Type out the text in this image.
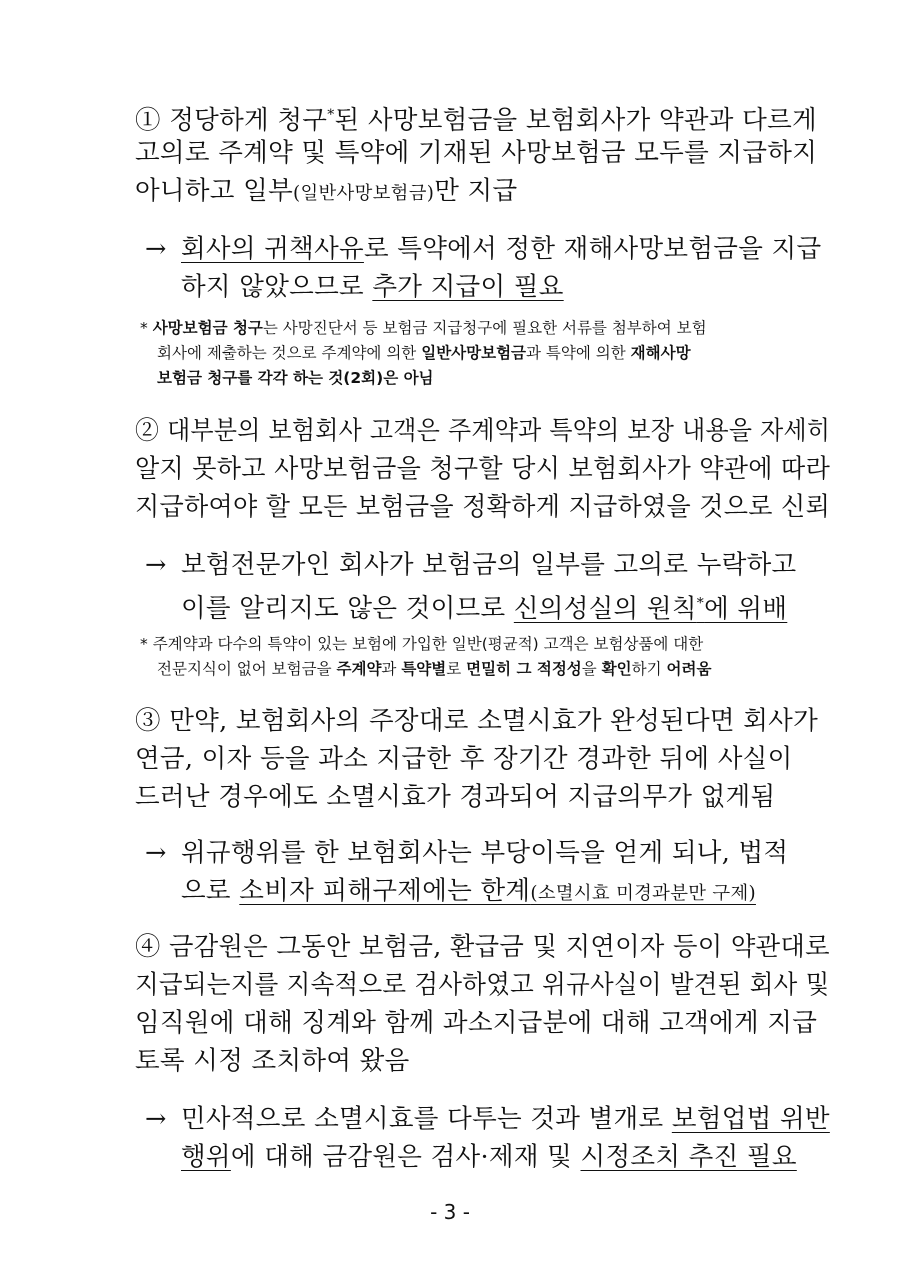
① 정당하게 청구*된 사망보험금을 보험회사가 약관과 다르게
고의로 주계약 및 특약에 기재된 사망보험금 모두를 지급하지
아니하고 일부(일반사망보험금)만 지급
→ 회사의 귀책사유로 특약에서 정한 재해사망보험금을 지급
하지 않았으므로 추가 지급이 필요
* 사망보험금 청구는 사망진단서 등 보험금 지급청구에 필요한 서류를 첨부하여 보험
회사에 제출하는 것으로 주계약에 의한 일반사망보험금과 특약에 의한 재해사망
보험금 청구를 각각 하는 것(2회)은 아님
② 대부분의 보험회사 고객은 주계약과 특약의 보장 내용을 자세히
알지 못하고 사망보험금을 청구할 당시 보험회사가 약관에 따라
지급하여야 할 모든 보험금을 정확하게 지급하였을 것으로 신뢰
→ 보험전문가인 회사가 보험금의 일부를 고의로 누락하고
이를 알리지도 않은 것이므로 신의성실의 원칙*에 위배
* 주계약과 다수의 특약이 있는 보험에 가입한 일반(평균적) 고객은 보험상품에 대한
전문지식이 없어 보험금을 주계약과 특약별로 면밀히 그 적정성을 확인하기 어려움
③ 만약, 보험회사의 주장대로 소멸시효가 완성된다면 회사가
연금, 이자 등을 과소 지급한 후 장기간 경과한 뒤에 사실이
드러난 경우에도 소멸시효가 경과되어 지급의무가 없게됨
→ 위규행위를 한 보험회사는 부당이득을 얻게 되나, 법적
으로 소비자 피해구제에는 한계(소멸시효 미경과분만 구제)
④ 금감원은 그동안 보험금, 환급금 및 지연이자 등이 약관대로
지급되는지를 지속적으로 검사하였고 위규사실이 발견된 회사 및
임직원에 대해 징계와 함께 과소지급분에 대해 고객에게 지급
토록 시정 조치하여 왔음
→ 민사적으로 소멸시효를 다투는 것과 별개로 보험업법 위반
행위에 대해 금감원은 검사·제재 및 시정조치 추진 필요
- 3 -
